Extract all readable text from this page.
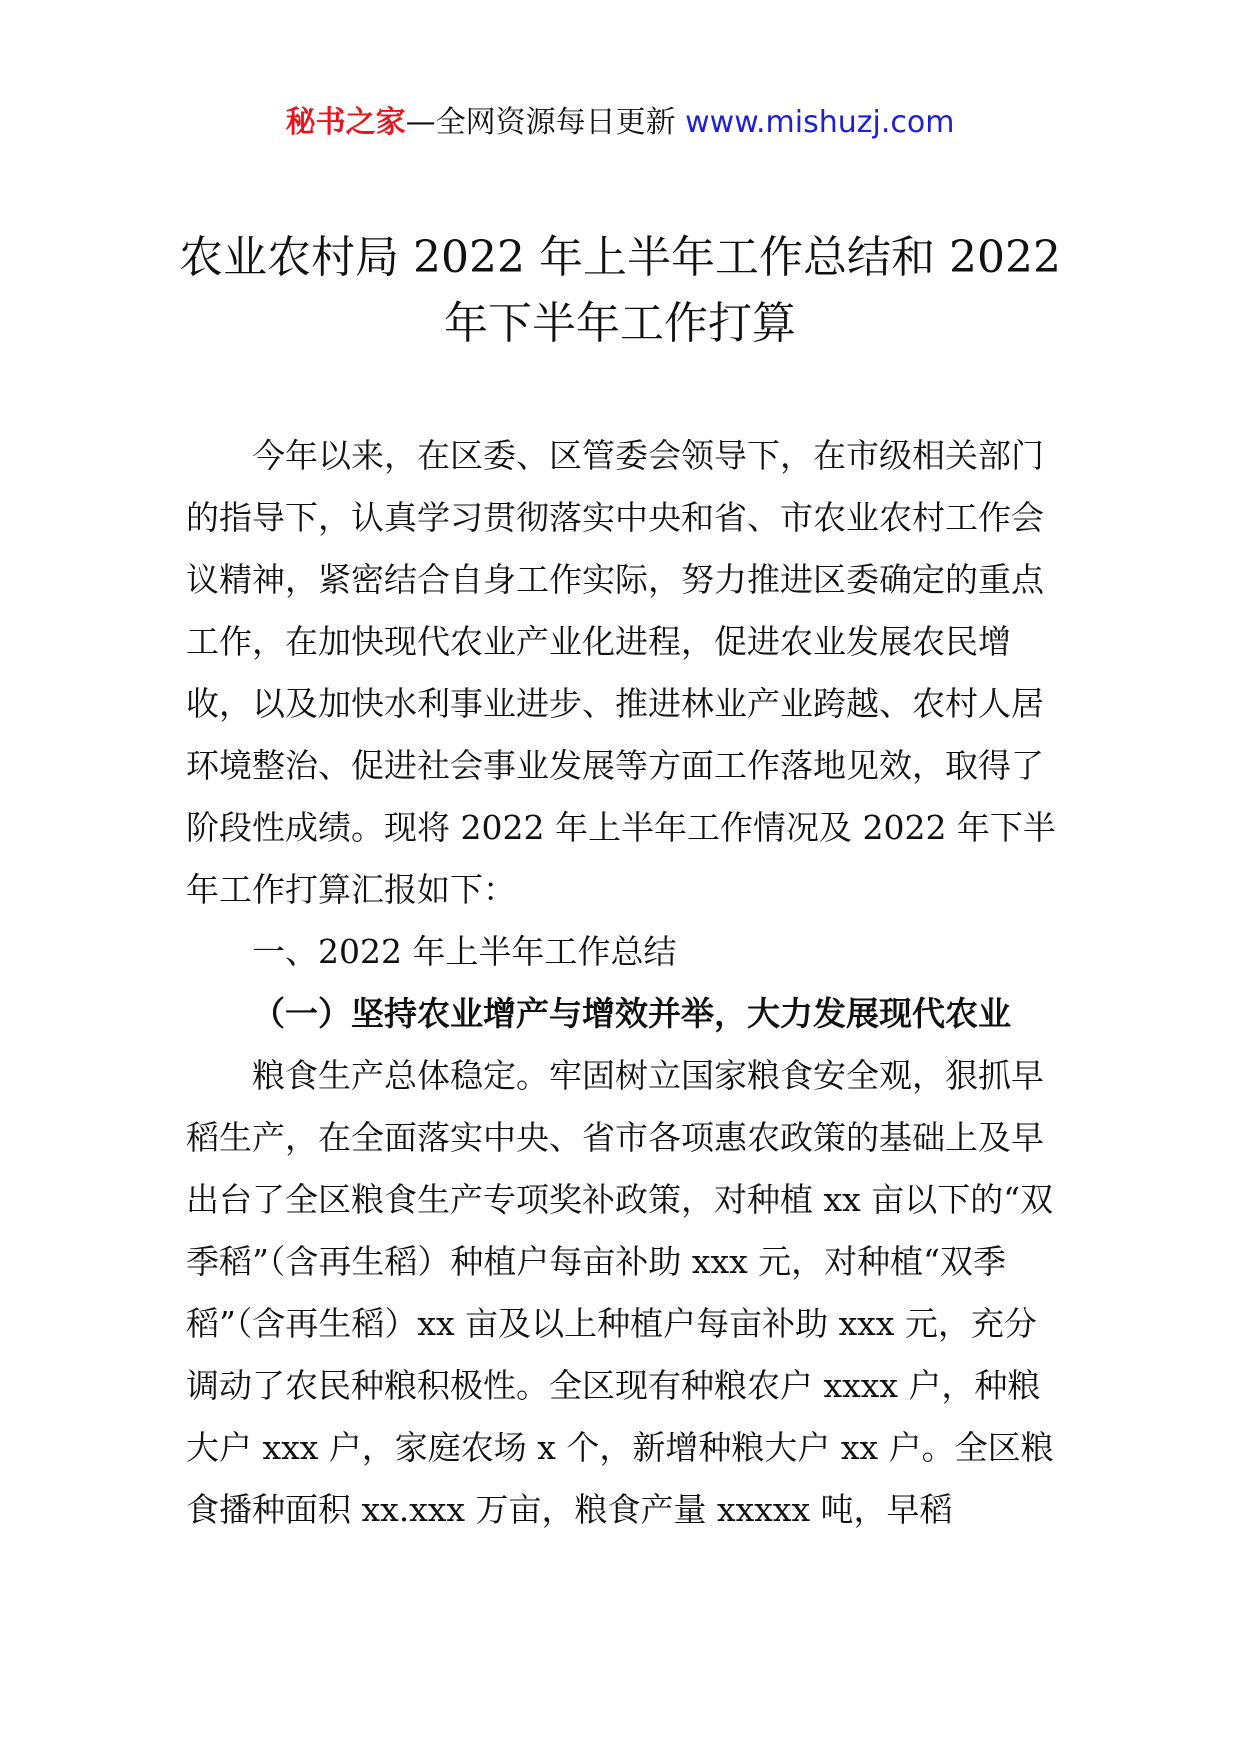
秘书之家—全网资源每日更新 www.mishuzj.com
农业农村局 2022 年上半年工作总结和 2022
年下半年工作打算

今年以来，在区委、区管委会领导下，在市级相关部门的指导下，认真学习贯彻落实中央和省、市农业农村工作会议精神，紧密结合自身工作实际，努力推进区委确定的重点工作，在加快现代农业产业化进程，促进农业发展农民增收，以及加快水利事业进步、推进林业产业跨越、农村人居环境整治、促进社会事业发展等方面工作落地见效，取得了阶段性成绩。现将 2022 年上半年工作情况及 2022 年下半年工作打算汇报如下：

一、2022 年上半年工作总结

（一）坚持农业增产与增效并举，大力发展现代农业

粮食生产总体稳定。牢固树立国家粮食安全观，狠抓早稻生产，在全面落实中央、省市各项惠农政策的基础上及早出台了全区粮食生产专项奖补政策，对种植 xx 亩以下的“双季稻”（含再生稻）种植户每亩补助 xxx 元，对种植“双季稻”（含再生稻）xx 亩及以上种植户每亩补助 xxx 元，充分调动了农民种粮积极性。全区现有种粮农户 xxxx 户，种粮大户 xxx 户，家庭农场 x 个，新增种粮大户 xx 户。全区粮食播种面积 xx.xxx 万亩，粮食产量 xxxxx 吨，早稻
